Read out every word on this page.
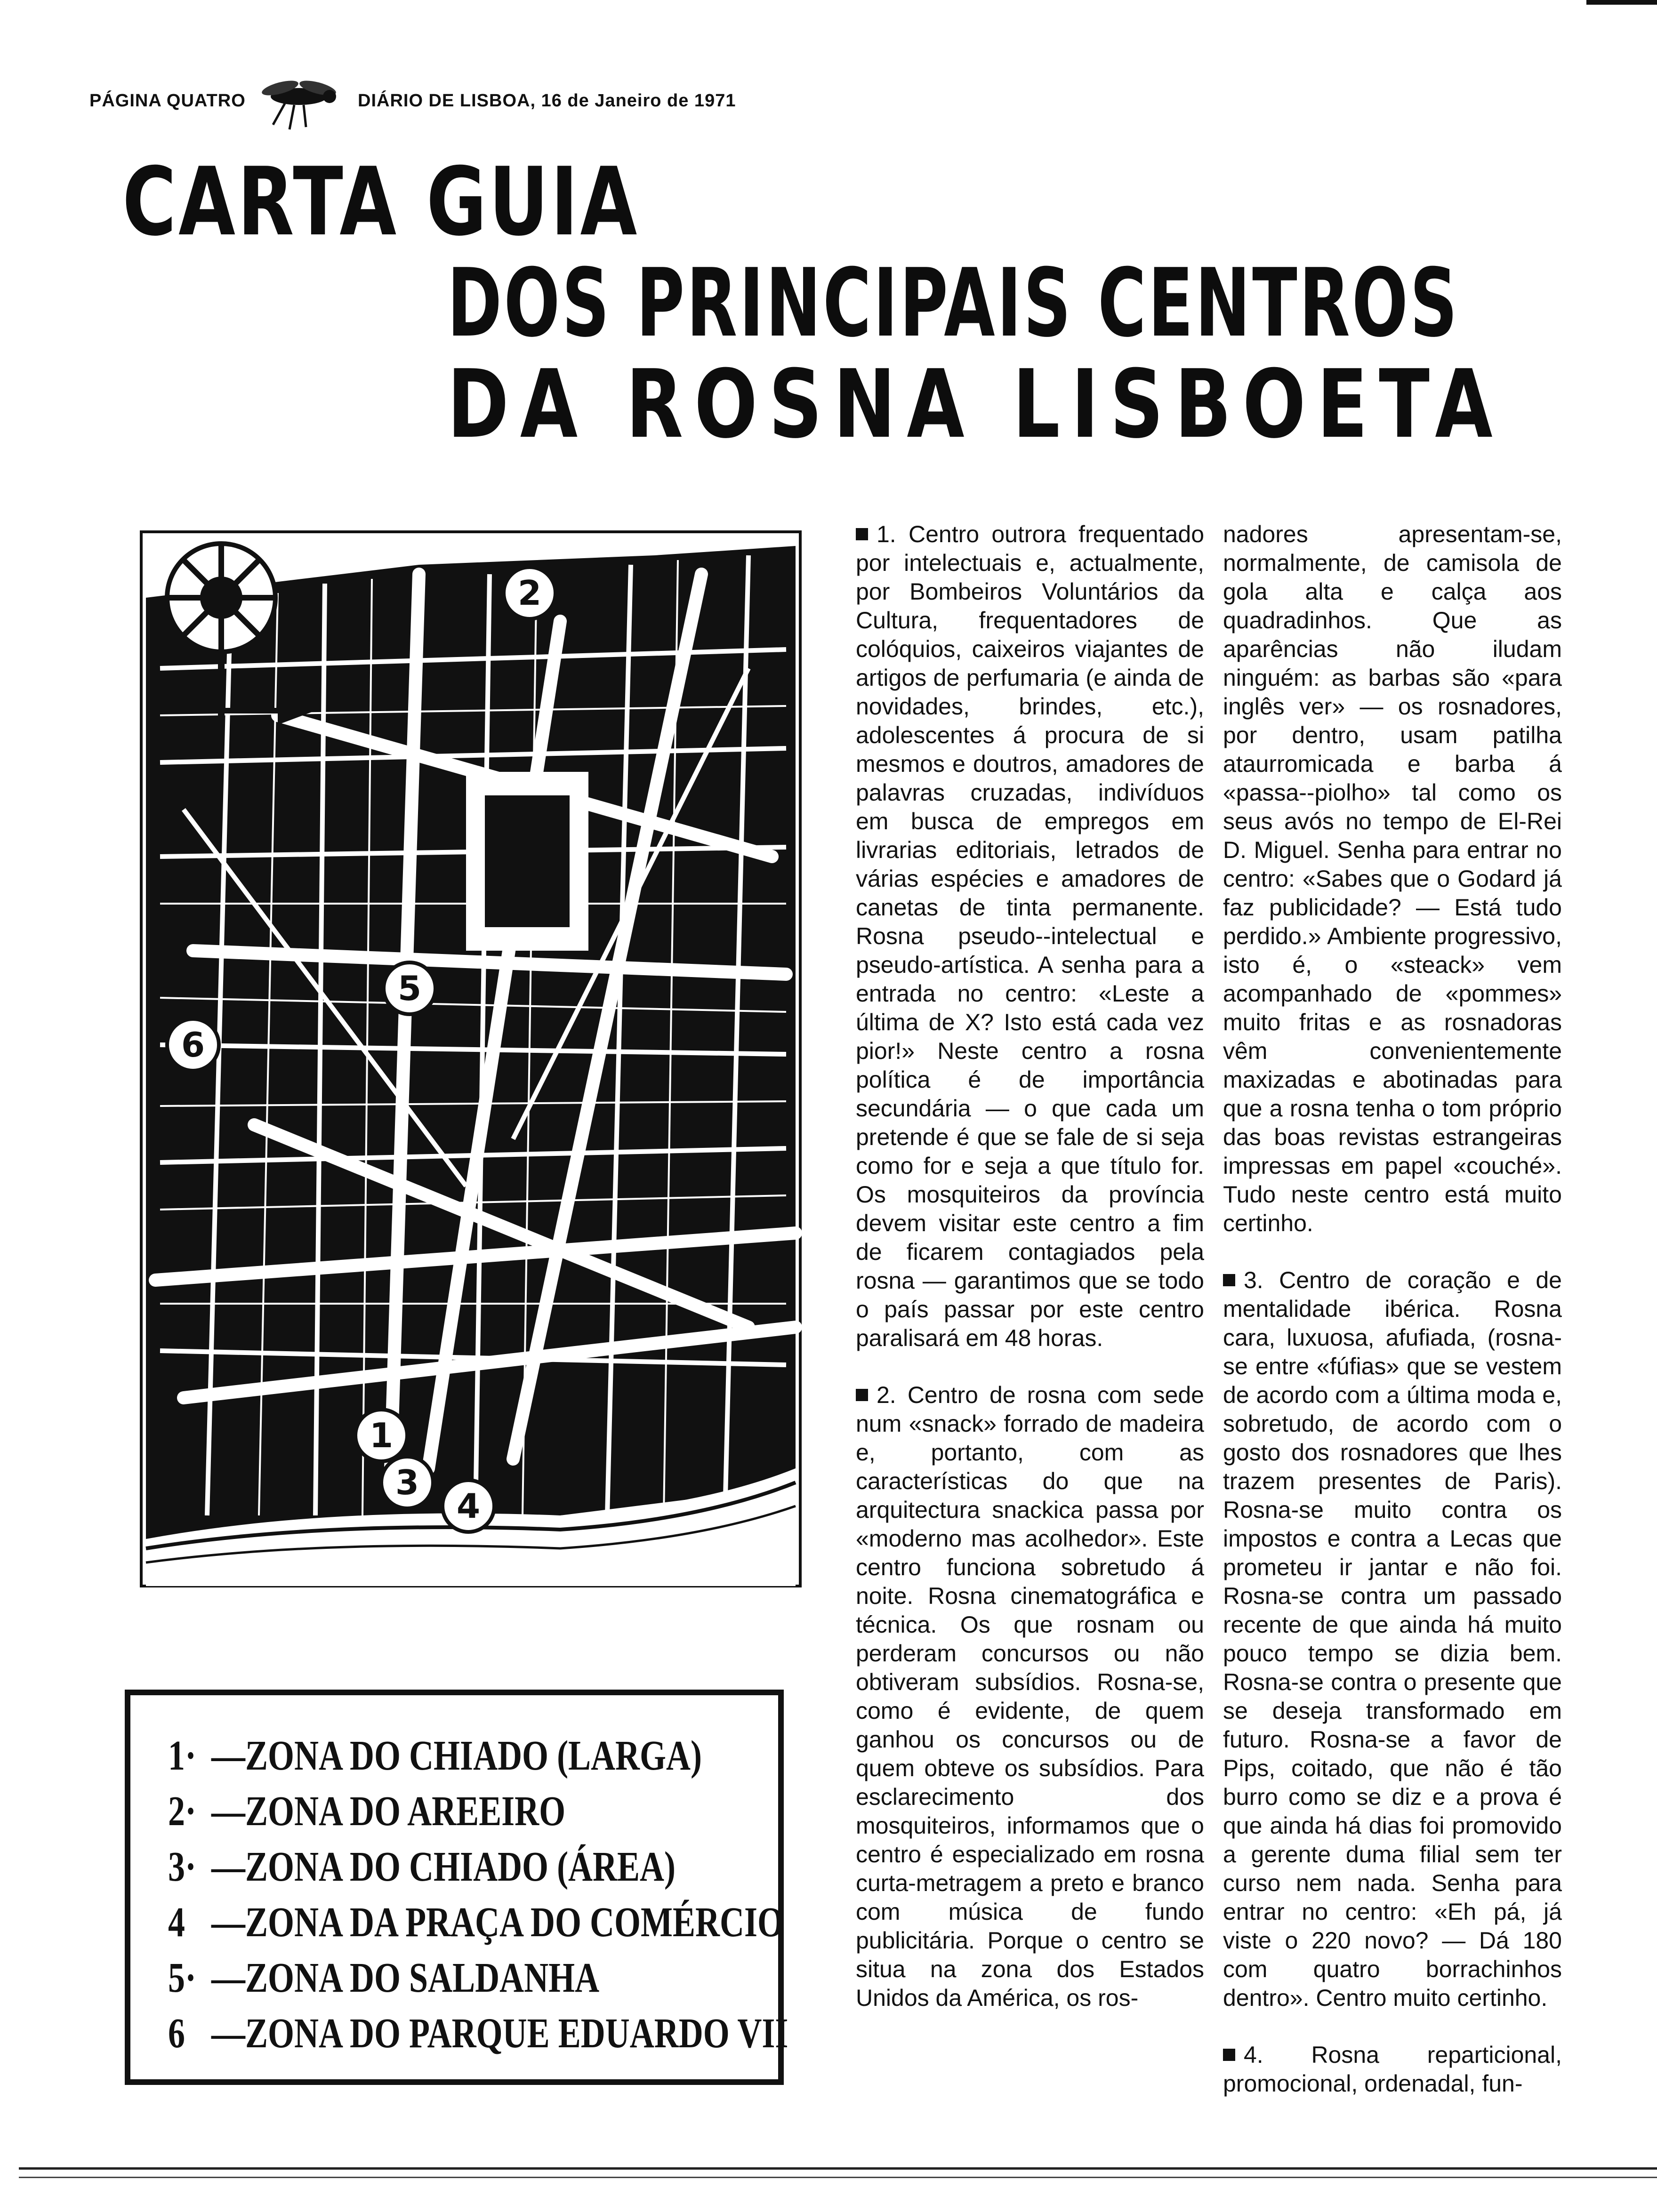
PÁGINA QUATRO	DIÁRIO DE LISBOA, 16 de Janeiro de 1971
CARTA GUIA
DOS PRINCIPAIS CENTROS
DA ROSNA LISBOETA
2
5
6
1
3
4
1· —ZONA DO CHIADO (LARGA)
2· —ZONA DO AREEIRO
3· —ZONA DO CHIADO (ÁREA)
4 —ZONA DA PRAÇA DO COMÉRCIO
5· —ZONA DO SALDANHA
6 —ZONA DO PARQUE EDUARDO VII

1. Centro outrora frequentado por intelectuais e, actualmente, por Bombeiros Voluntários da Cultura, frequentadores de colóquios, caixeiros viajantes de artigos de perfumaria (e ainda de novidades, brindes, etc.), adolescentes á procura de si mesmos e doutros, amadores de palavras cruzadas, indivíduos em busca de empregos em livrarias editoriais, letrados de várias espécies e amadores de canetas de tinta permanente. Rosna pseudo--intelectual e pseudo-artística. A senha para a entrada no centro: «Leste a última de X? Isto está cada vez pior!» Neste centro a rosna política é de importância secundária — o que cada um pretende é que se fale de si seja como for e seja a que título for. Os mosquiteiros da província devem visitar este centro a fim de ficarem contagiados pela rosna — garantimos que se todo o país passar por este centro paralisará em 48 horas.

2. Centro de rosna com sede num «snack» forrado de madeira e, portanto, com as características do que na arquitectura snackica passa por «moderno mas acolhedor». Este centro funciona sobretudo á noite. Rosna cinematográfica e técnica. Os que rosnam ou perderam concursos ou não obtiveram subsídios. Rosna-se, como é evidente, de quem ganhou os concursos ou de quem obteve os subsídios. Para esclarecimento dos mosquiteiros, informamos que o centro é especializado em rosna curta-metragem a preto e branco com música de fundo publicitária. Porque o centro se situa na zona dos Estados Unidos da América, os ros-

nadores apresentam-se, normalmente, de camisola de gola alta e calça aos quadradinhos. Que as aparências não iludam ninguém: as barbas são «para inglês ver» — os rosnadores, por dentro, usam patilha ataurromicada e barba á «passa--piolho» tal como os seus avós no tempo de El-Rei D. Miguel. Senha para entrar no centro: «Sabes que o Godard já faz publicidade? — Está tudo perdido.» Ambiente progressivo, isto é, o «steack» vem acompanhado de «pommes» muito fritas e as rosnadoras vêm convenientemente maxizadas e abotinadas para que a rosna tenha o tom próprio das boas revistas estrangeiras impressas em papel «couché». Tudo neste centro está muito certinho.

3. Centro de coração e de mentalidade ibérica. Rosna cara, luxuosa, afufiada, (rosna-se entre «fúfias» que se vestem de acordo com a última moda e, sobretudo, de acordo com o gosto dos rosnadores que lhes trazem presentes de Paris). Rosna-se muito contra os impostos e contra a Lecas que prometeu ir jantar e não foi. Rosna-se contra um passado recente de que ainda há muito pouco tempo se dizia bem. Rosna-se contra o presente que se deseja transformado em futuro. Rosna-se a favor de Pips, coitado, que não é tão burro como se diz e a prova é que ainda há dias foi promovido a gerente duma filial sem ter curso nem nada. Senha para entrar no centro: «Eh pá, já viste o 220 novo? — Dá 180 com quatro borrachinhos dentro». Centro muito certinho.

4. Rosna reparticional, promocional, ordenadal, fun-
